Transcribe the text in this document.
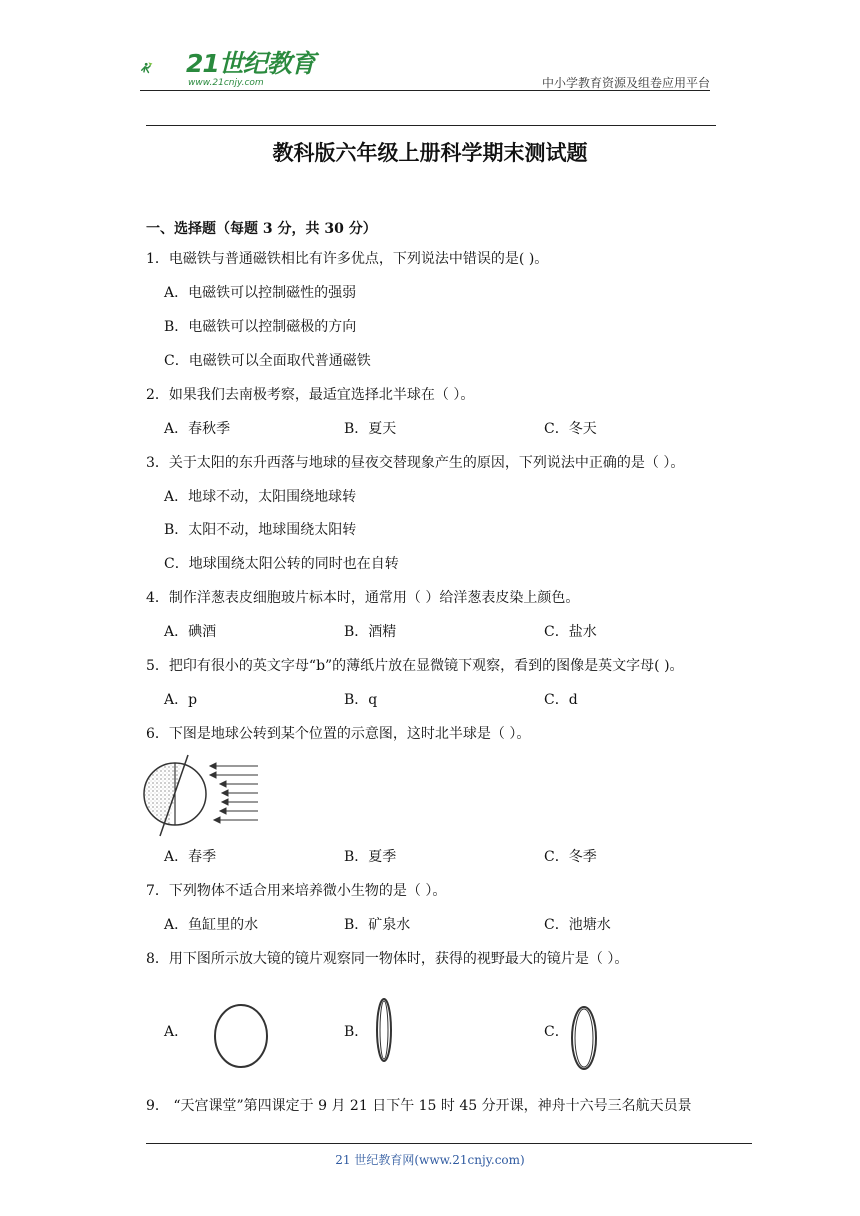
21世纪教育
www.21cnjy.com	中小学教育资源及组卷应用平台
教科版六年级上册科学期末测试题
一、选择题（每题 3 分，共 30 分）
1．电磁铁与普通磁铁相比有许多优点，下列说法中错误的是( )。
A．电磁铁可以控制磁性的强弱
B．电磁铁可以控制磁极的方向
C．电磁铁可以全面取代普通磁铁
2．如果我们去南极考察，最适宜选择北半球在（ ）。
A．春秋季	B．夏天	C．冬天
3．关于太阳的东升西落与地球的昼夜交替现象产生的原因，下列说法中正确的是（ ）。
A．地球不动，太阳围绕地球转
B．太阳不动，地球围绕太阳转
C．地球围绕太阳公转的同时也在自转
4．制作洋葱表皮细胞玻片标本时，通常用（ ）给洋葱表皮染上颜色。
A．碘酒	B．酒精	C．盐水
5．把印有很小的英文字母“b”的薄纸片放在显微镜下观察，看到的图像是英文字母( )。
A．p	B．q	C．d
6．下图是地球公转到某个位置的示意图，这时北半球是（ ）。
A．春季	B．夏季	C．冬季
7．下列物体不适合用来培养微小生物的是（ ）。
A．鱼缸里的水	B．矿泉水	C．池塘水
8．用下图所示放大镜的镜片观察同一物体时，获得的视野最大的镜片是（ ）。
A．	B．	C．
9． “天宫课堂”第四课定于 9 月 21 日下午 15 时 45 分开课，神舟十六号三名航天员景
21 世纪教育网(www.21cnjy.com)
